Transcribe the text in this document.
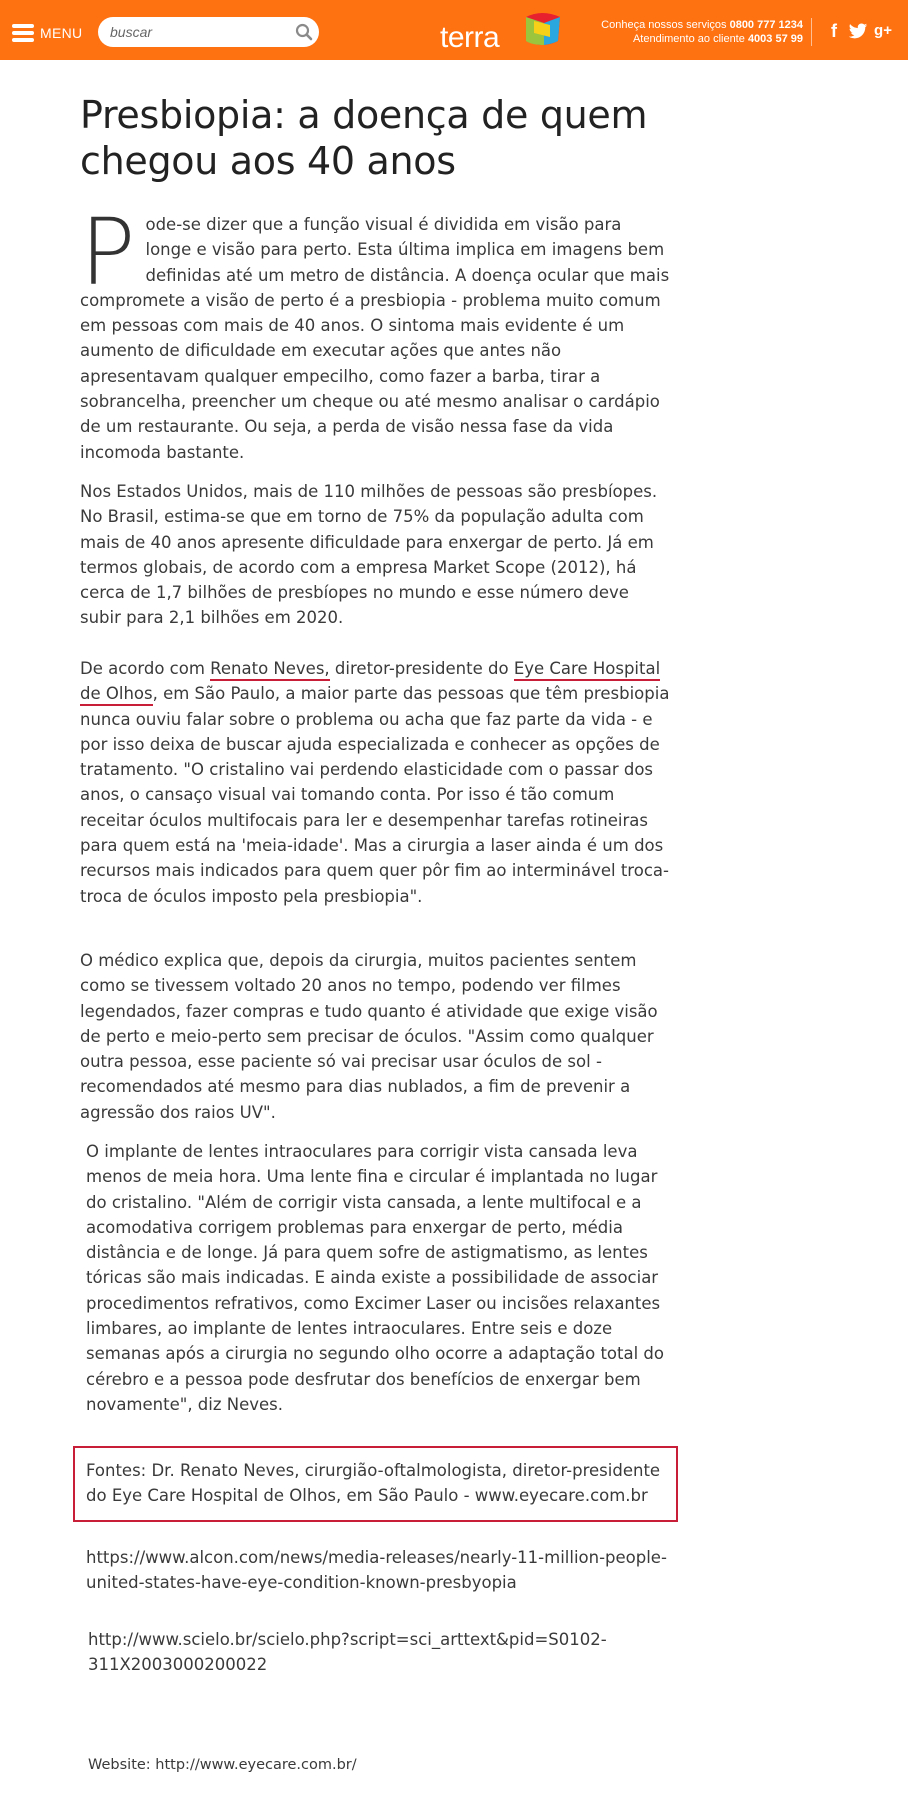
MENU
buscar	terra	Conheça nossos serviços 0800 777 1234
Atendimento ao cliente 4003 57 99	f	g+
Presbiopia: a doença de quem chegou aos 40 anos
P ode-se dizer que a função visual é dividida em visão para longe e visão para perto. Esta última implica em imagens bem definidas até um metro de distância. A doença ocular que mais compromete a visão de perto é a presbiopia - problema muito comum em pessoas com mais de 40 anos. O sintoma mais evidente é um aumento de dificuldade em executar ações que antes não apresentavam qualquer empecilho, como fazer a barba, tirar a sobrancelha, preencher um cheque ou até mesmo analisar o cardápio de um restaurante. Ou seja, a perda de visão nessa fase da vida incomoda bastante.
Nos Estados Unidos, mais de 110 milhões de pessoas são presbíopes. No Brasil, estima-se que em torno de 75% da população adulta com mais de 40 anos apresente dificuldade para enxergar de perto. Já em termos globais, de acordo com a empresa Market Scope (2012), há cerca de 1,7 bilhões de presbíopes no mundo e esse número deve subir para 2,1 bilhões em 2020.
De acordo com Renato Neves, diretor-presidente do Eye Care Hospital de Olhos, em São Paulo, a maior parte das pessoas que têm presbiopia nunca ouviu falar sobre o problema ou acha que faz parte da vida - e por isso deixa de buscar ajuda especializada e conhecer as opções de tratamento. "O cristalino vai perdendo elasticidade com o passar dos anos, o cansaço visual vai tomando conta. Por isso é tão comum receitar óculos multifocais para ler e desempenhar tarefas rotineiras para quem está na 'meia-idade'. Mas a cirurgia a laser ainda é um dos recursos mais indicados para quem quer pôr fim ao interminável troca-troca de óculos imposto pela presbiopia".
O médico explica que, depois da cirurgia, muitos pacientes sentem como se tivessem voltado 20 anos no tempo, podendo ver filmes legendados, fazer compras e tudo quanto é atividade que exige visão de perto e meio-perto sem precisar de óculos. "Assim como qualquer outra pessoa, esse paciente só vai precisar usar óculos de sol - recomendados até mesmo para dias nublados, a fim de prevenir a agressão dos raios UV".
O implante de lentes intraoculares para corrigir vista cansada leva menos de meia hora. Uma lente fina e circular é implantada no lugar do cristalino. "Além de corrigir vista cansada, a lente multifocal e a acomodativa corrigem problemas para enxergar de perto, média distância e de longe. Já para quem sofre de astigmatismo, as lentes tóricas são mais indicadas. E ainda existe a possibilidade de associar procedimentos refrativos, como Excimer Laser ou incisões relaxantes limbares, ao implante de lentes intraoculares. Entre seis e doze semanas após a cirurgia no segundo olho ocorre a adaptação total do cérebro e a pessoa pode desfrutar dos benefícios de enxergar bem novamente", diz Neves.
Fontes: Dr. Renato Neves, cirurgião-oftalmologista, diretor-presidente do Eye Care Hospital de Olhos, em São Paulo - www.eyecare.com.br
https://www.alcon.com/news/media-releases/nearly-11-million-people-
united-states-have-eye-condition-known-presbyopia
http://www.scielo.br/scielo.php?script=sci_arttext&pid=S0102-
311X2003000200022
Website: http://www.eyecare.com.br/
